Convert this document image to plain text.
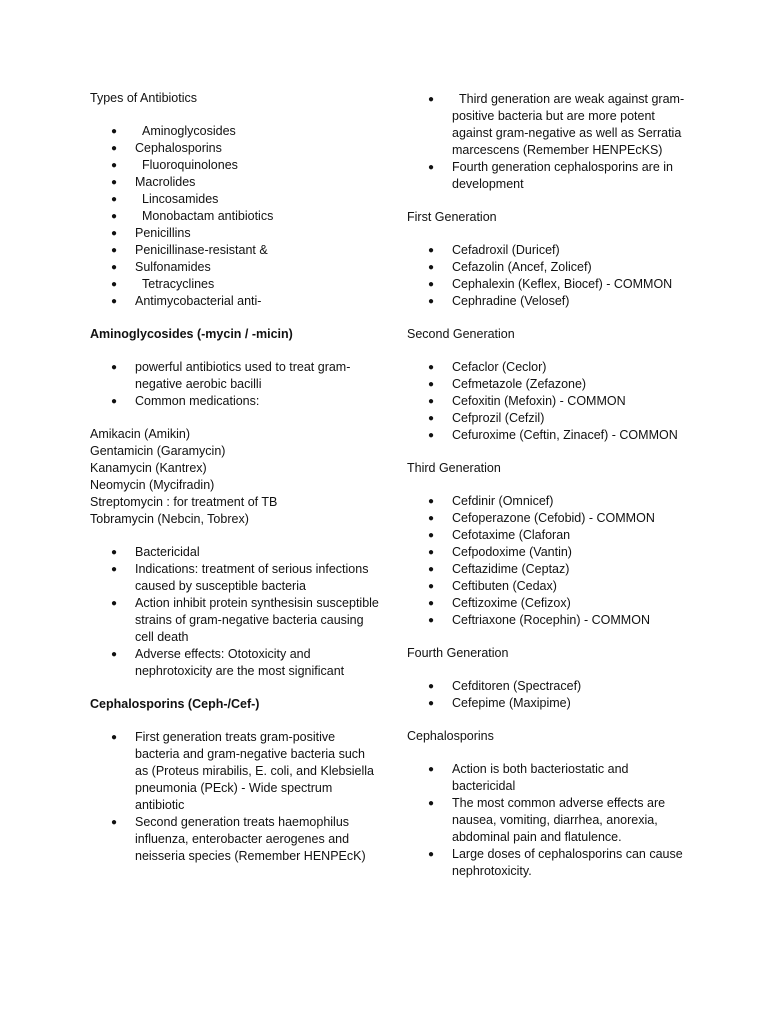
Types of Antibiotics

● Aminoglycosides
● Cephalosporins
● Fluoroquinolones
● Macrolides
● Lincosamides
● Monobactam antibiotics
● Penicillins
● Penicillinase-resistant &
● Sulfonamides
● Tetracyclines
● Antimycobacterial anti-

Aminoglycosides (-mycin / -micin)

● powerful antibiotics used to treat gram-negative aerobic bacilli
● Common medications:
Amikacin (Amikin)
Gentamicin (Garamycin)
Kanamycin (Kantrex)
Neomycin (Mycifradin)
Streptomycin : for treatment of TB
Tobramycin (Nebcin, Tobrex)
● Bactericidal
● Indications: treatment of serious infections caused by susceptible bacteria
● Action inhibit protein synthesisin susceptible strains of gram-negative bacteria causing cell death
● Adverse effects: Ototoxicity and nephrotoxicity are the most significant

Cephalosporins (Ceph-/Cef-)

● First generation treats gram-positive bacteria and gram-negative bacteria such as (Proteus mirabilis, E. coli, and Klebsiella pneumonia (PEck) - Wide spectrum antibiotic
● Second generation treats haemophilus influenza, enterobacter aerogenes and neisseria species (Remember HENPEcK)
● Third generation are weak against gram-positive bacteria but are more potent against gram-negative as well as Serratia marcescens (Remember HENPEcKS)
● Fourth generation cephalosporins are in development

First Generation

● Cefadroxil (Duricef)
● Cefazolin (Ancef, Zolicef)
● Cephalexin (Keflex, Biocef) - COMMON
● Cephradine (Velosef)

Second Generation

● Cefaclor (Ceclor)
● Cefmetazole (Zefazone)
● Cefoxitin (Mefoxin) - COMMON
● Cefprozil (Cefzil)
● Cefuroxime (Ceftin, Zinacef) - COMMON

Third Generation

● Cefdinir (Omnicef)
● Cefoperazone (Cefobid) - COMMON
● Cefotaxime (Claforan
● Cefpodoxime (Vantin)
● Ceftazidime (Ceptaz)
● Ceftibuten (Cedax)
● Ceftizoxime (Cefizox)
● Ceftriaxone (Rocephin) - COMMON

Fourth Generation

● Cefditoren (Spectracef)
● Cefepime (Maxipime)

Cephalosporins

● Action is both bacteriostatic and bactericidal
● The most common adverse effects are nausea, vomiting, diarrhea, anorexia, abdominal pain and flatulence.
● Large doses of cephalosporins can cause nephrotoxicity.
